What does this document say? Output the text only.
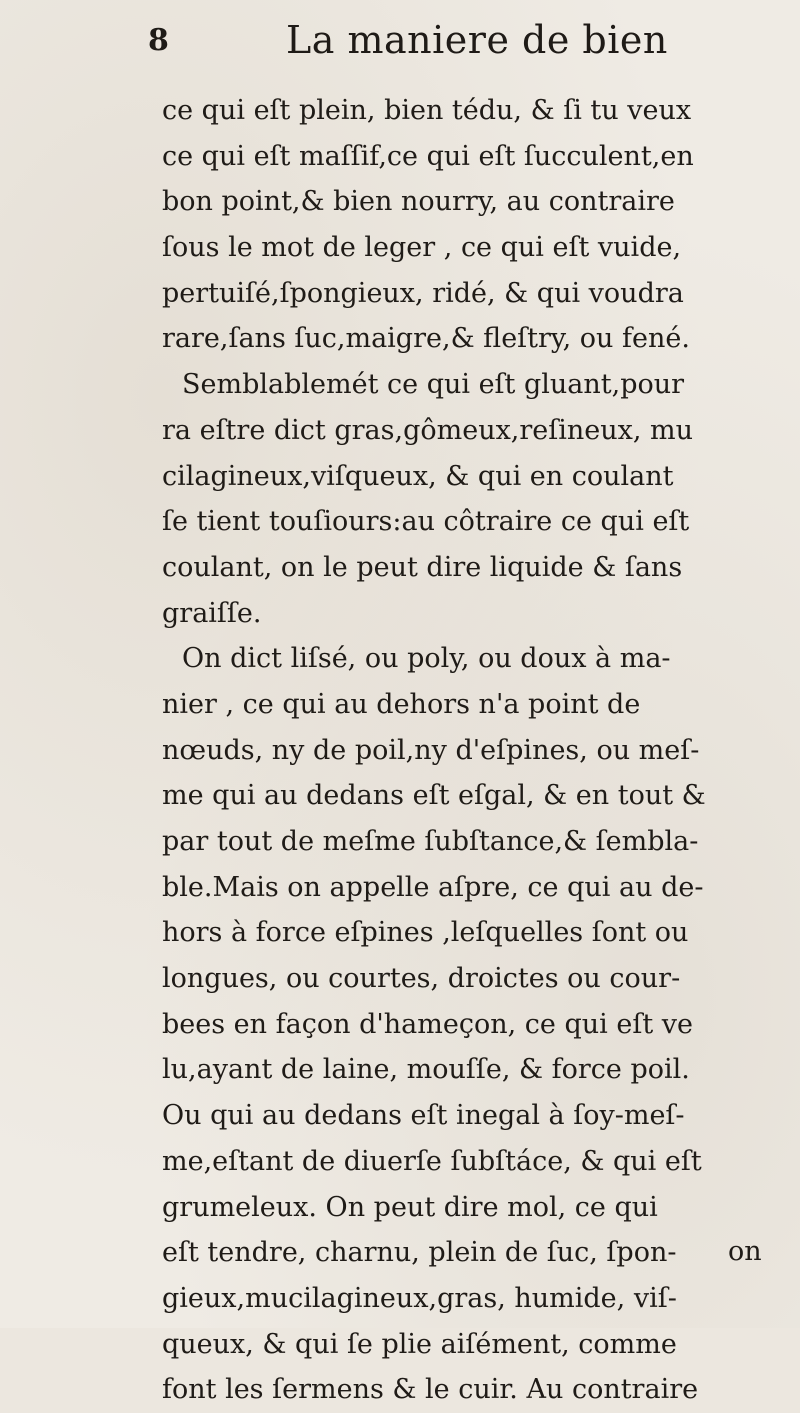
8	La maniere de bien
ce qui eſt plein, bien tédu, & ſi tu veux
ce qui eſt maſſif,ce qui eſt ſucculent,en
bon point,& bien nourry, au contraire
ſous le mot de leger , ce qui eſt vuide,
pertuiſé,ſpongieux, ridé, & qui voudra
rare,ſans ſuc,maigre,& fleſtry, ou fené.
Semblablemét ce qui eſt gluant,pour
ra eſtre dict gras,gômeux,reſineux, mu
cilagineux,viſqueux, & qui en coulant
ſe tient touſiours:au côtraire ce qui eſt
coulant, on le peut dire liquide & ſans
graiſſe.
On dict liſsé, ou poly, ou doux à ma-
nier , ce qui au dehors n'a point de
nœuds, ny de poil,ny d'eſpines, ou meſ-
me qui au dedans eſt eſgal, & en tout &
par tout de meſme ſubſtance,& ſembla-
ble.Mais on appelle aſpre, ce qui au de-
hors à force eſpines ,leſquelles ſont ou
longues, ou courtes, droictes ou cour-
bees en façon d'hameçon, ce qui eſt ve
lu,ayant de laine, mouſſe, & force poil.
Ou qui au dedans eſt inegal à ſoy-meſ-
me,eſtant de diuerſe ſubſtáce, & qui eſt
grumeleux. On peut dire mol, ce qui
eſt tendre, charnu, plein de ſuc, ſpon-
gieux,mucilagineux,gras, humide, viſ-
queux, & qui ſe plie aiſément, comme
font les ſermens & le cuir. Au contraire
on
